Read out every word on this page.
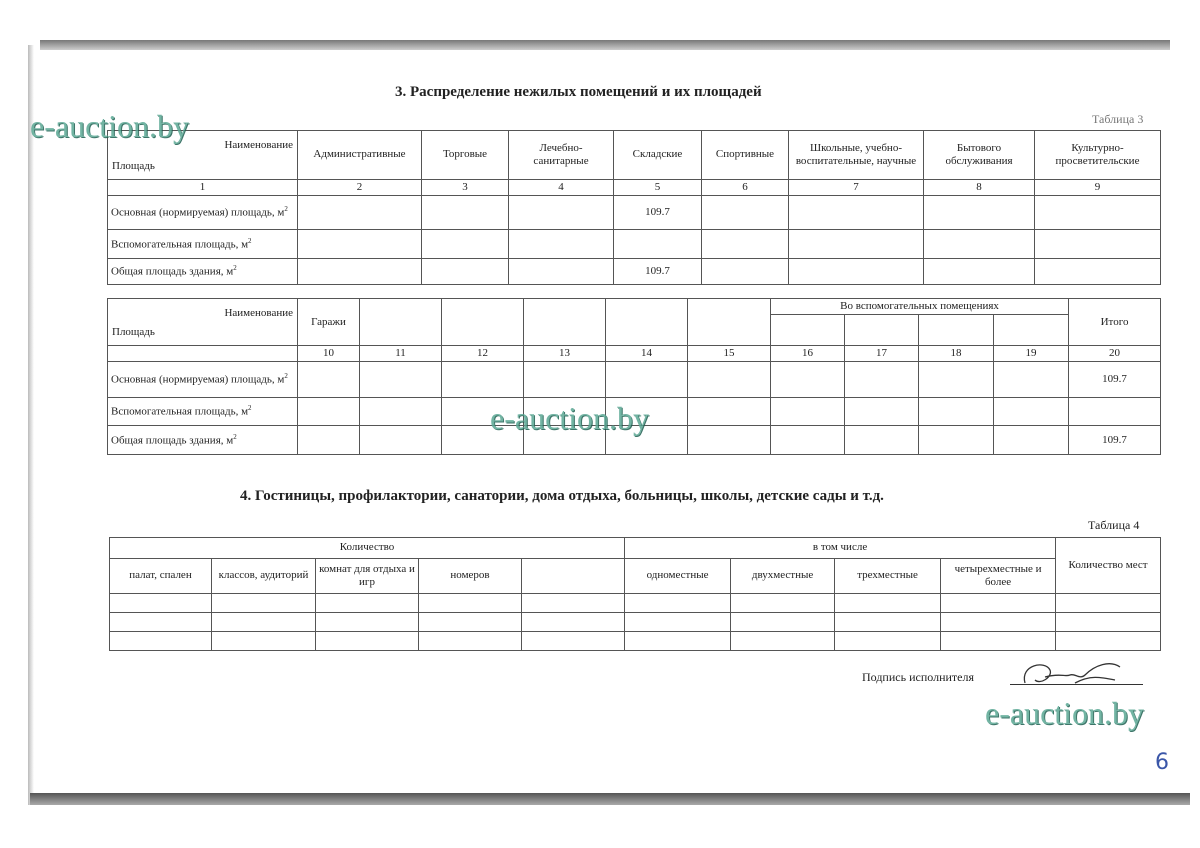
3. Распределение нежилых помещений и их площадей
Таблица 3
Наименование
Площадь	Административные	Торговые	Лечебно-санитарные	Складские	Спортивные	Школьные, учебно-воспитательные, научные	Бытового обслуживания	Культурно-просветительские
1	2	3	4	5	6	7	8	9
Основная (нормируемая) площадь, $м^2$				109.7				
Вспомогательная площадь, $м^2$								
Общая площадь здания, $м^2$				109.7				
Наименование
Площадь	Гаражи						Во вспомогательных помещениях				Итого

	10	11	12	13	14	15	16	17	18	19	20
Основная (нормируемая) площадь, $м^2$											109.7
Вспомогательная площадь, $м^2$											
Общая площадь здания, $м^2$											109.7
4. Гостиницы, профилактории, санатории, дома отдыха, больницы, школы, детские сады и т.д.
Таблица 4
Количество					в том числе				Количество мест
палат, спален	классов, аудиторий	комнат для отдыха и игр	номеров		одноместные	двухместные	трехместные	четырехместные и более	

Подпись исполнителя
e-auction.by
e-auction.by
e-auction.by
6
